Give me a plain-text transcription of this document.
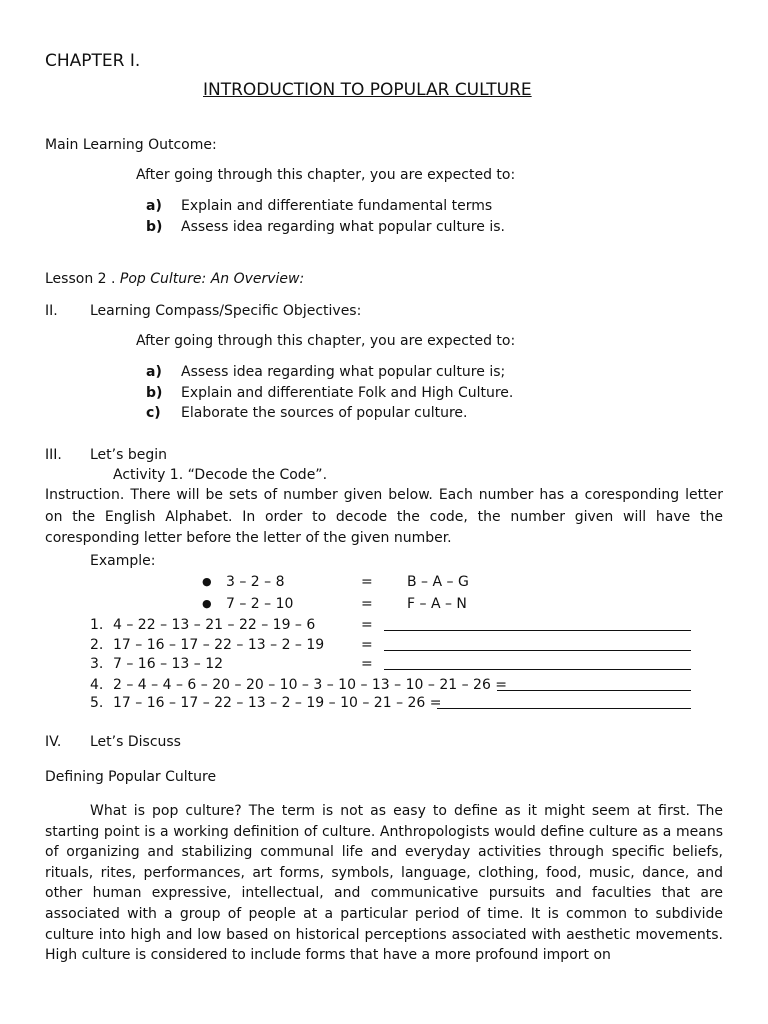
CHAPTER I.
INTRODUCTION TO POPULAR CULTURE
Main Learning Outcome:
After going through this chapter, you are expected to:
a) Explain and differentiate fundamental terms
b) Assess idea regarding what popular culture is.
Lesson 2 . Pop Culture: An Overview:
II. Learning Compass/Specific Objectives:
After going through this chapter, you are expected to:
a) Assess idea regarding what popular culture is;
b) Explain and differentiate Folk and High Culture.
c) Elaborate the sources of popular culture.
III. Let’s begin
Activity 1. “Decode the Code”.
Instruction. There will be sets of number given below. Each number has a coresponding letter on the English Alphabet. In order to decode the code, the number given will have the coresponding letter before the letter of the given number.
Example:
● 3 – 2 – 8	= B – A – G
● 7 – 2 – 10	= F – A – N
1. 4 – 22 – 13 – 21 – 22 – 19 – 6	=
2. 17 – 16 – 17 – 22 – 13 – 2 – 19	=
3. 7 – 16 – 13 – 12	=
4. 2 – 4 – 4 – 6 – 20 – 20 – 10 – 3 – 10 – 13 – 10 – 21 – 26 =
5. 17 – 16 – 17 – 22 – 13 – 2 – 19 – 10 – 21 – 26 =
IV. Let’s Discuss
Defining Popular Culture
What is pop culture? The term is not as easy to define as it might seem at first. The starting point is a working definition of culture. Anthropologists would define culture as a means of organizing and stabilizing communal life and everyday activities through specific beliefs, rituals, rites, performances, art forms, symbols, language, clothing, food, music, dance, and other human expressive, intellectual, and communicative pursuits and faculties that are associated with a group of people at a particular period of time. It is common to subdivide culture into high and low based on historical perceptions associated with aesthetic movements. High culture is considered to include forms that have a more profound import on
